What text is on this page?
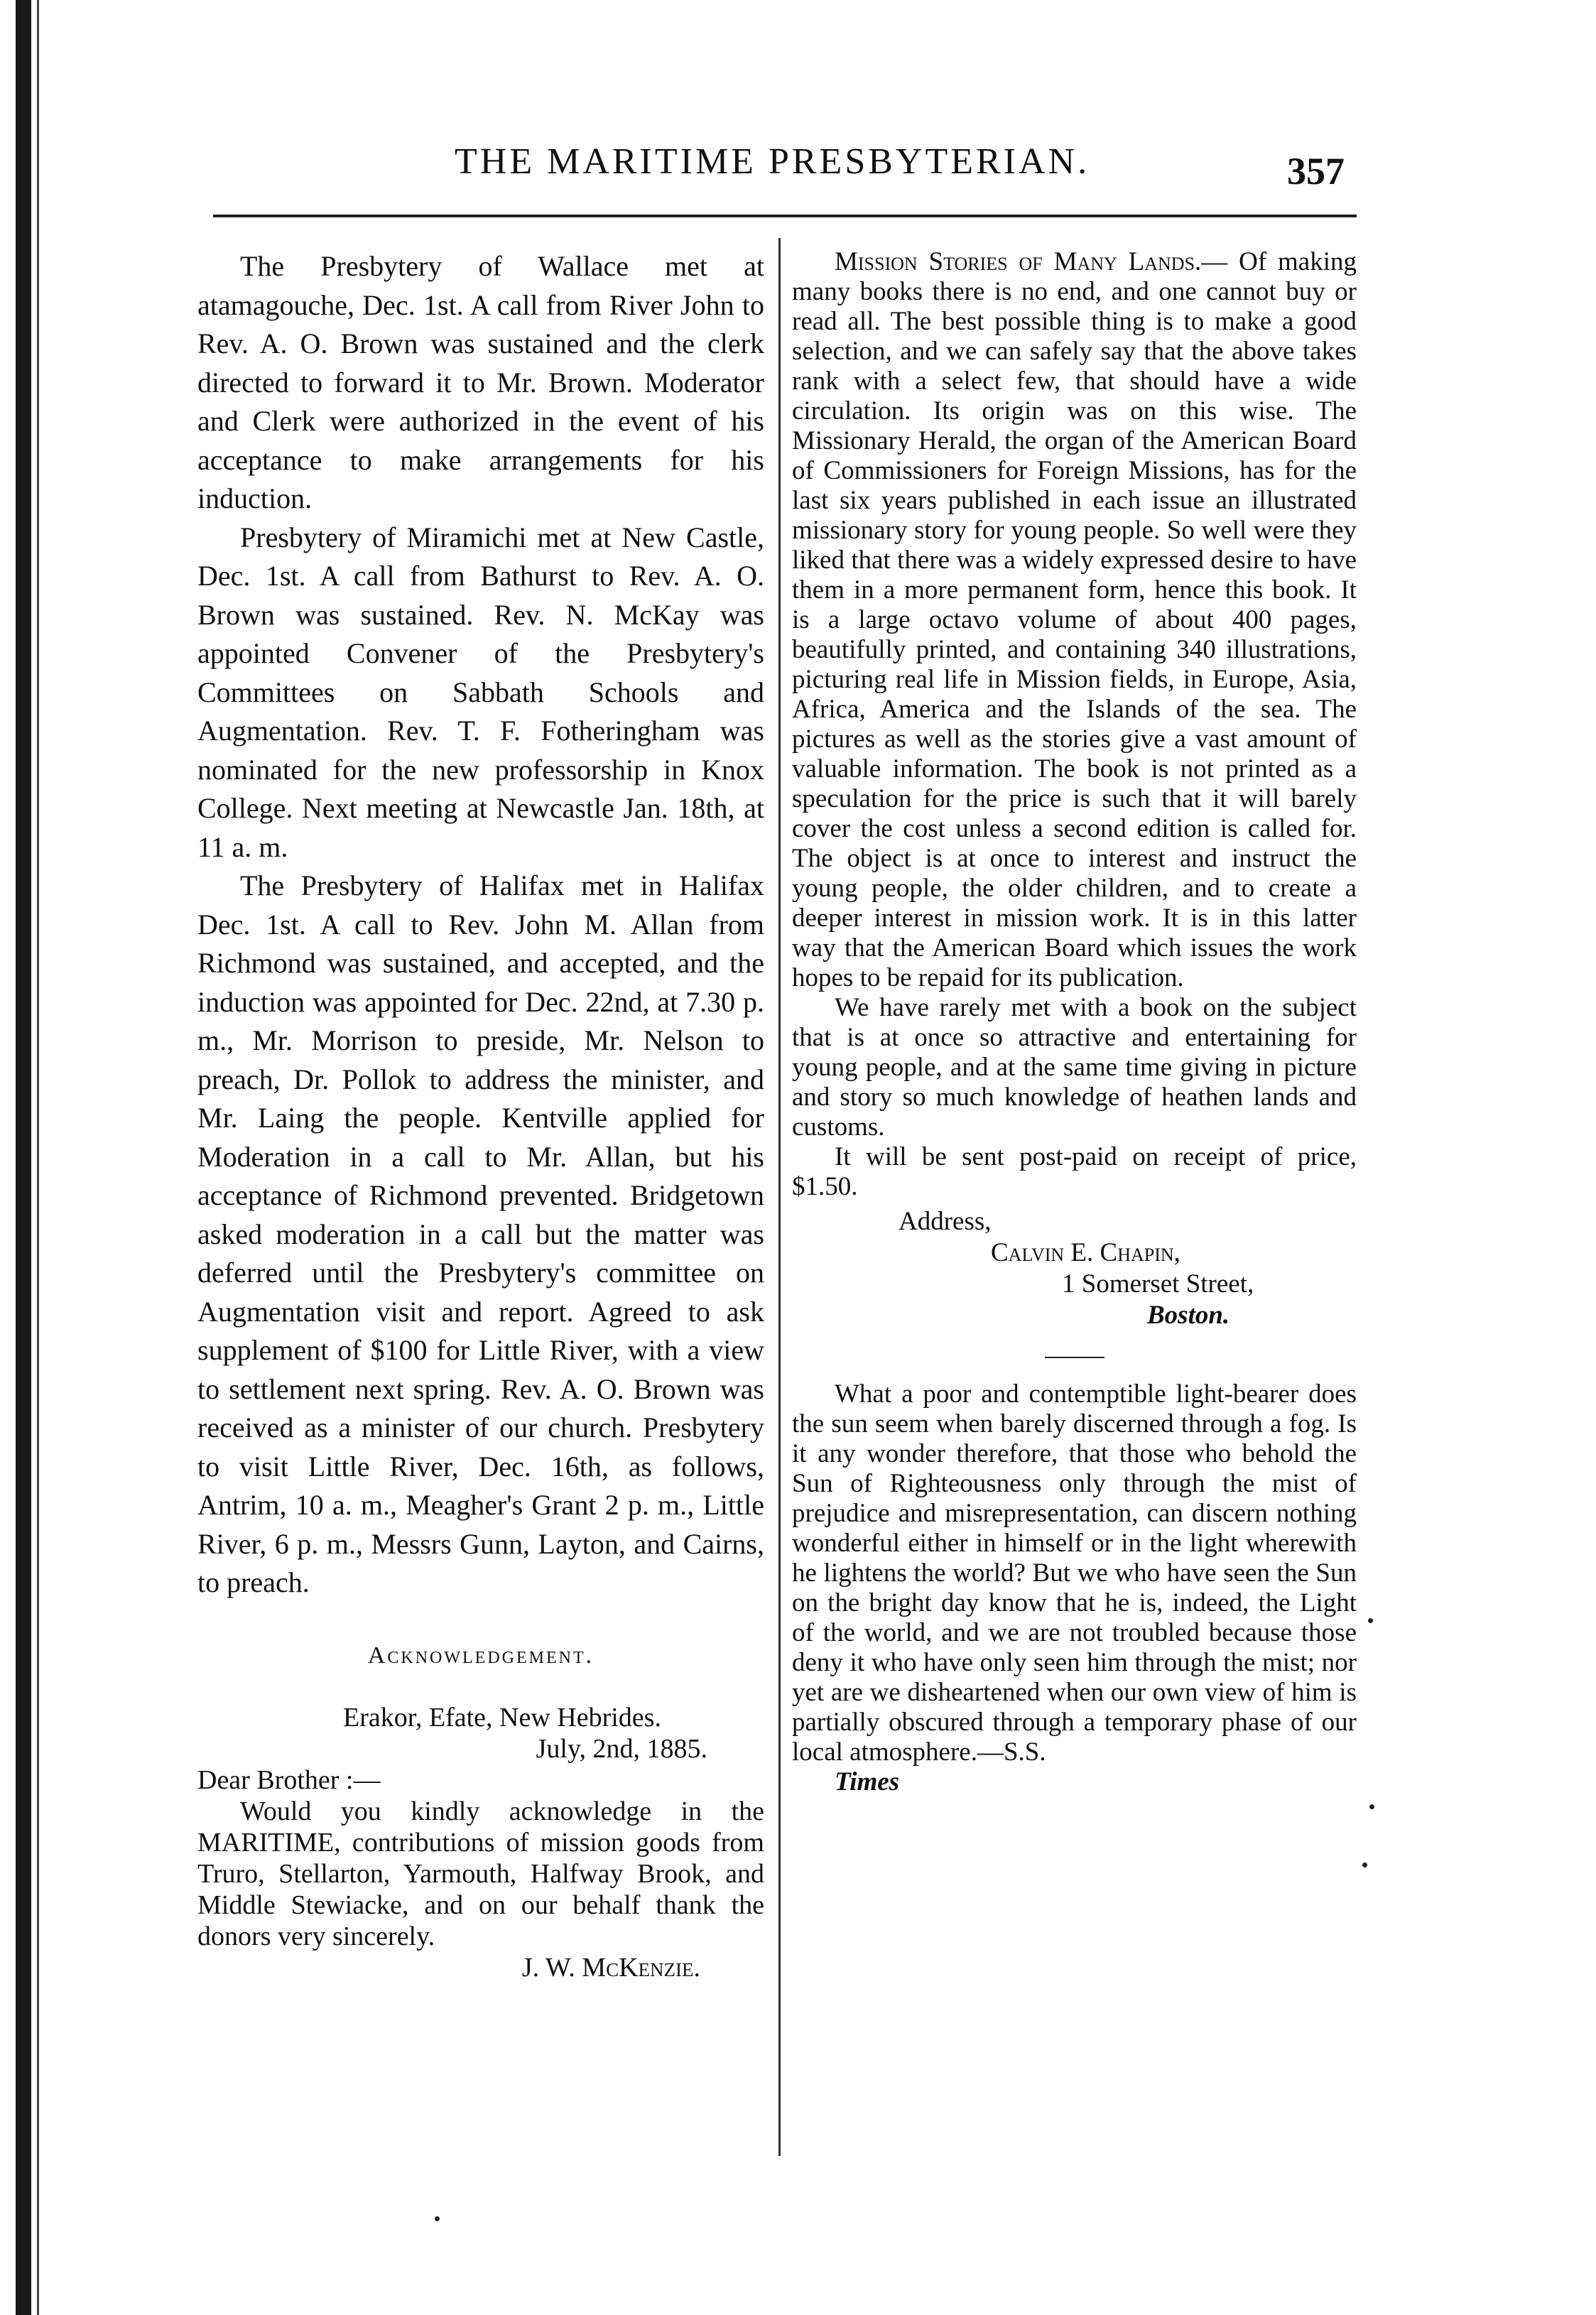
THE MARITIME PRESBYTERIAN.	357

The Presbytery of Wallace met at atamagouche, Dec. 1st. A call from River John to Rev. A. O. Brown was sustained and the clerk directed to forward it to Mr. Brown. Moderator and Clerk were authorized in the event of his acceptance to make arrangements for his induction.

Presbytery of Miramichi met at New Castle, Dec. 1st. A call from Bathurst to Rev. A. O. Brown was sustained. Rev. N. McKay was appointed Convener of the Presbytery's Committees on Sabbath Schools and Augmentation. Rev. T. F. Fotheringham was nominated for the new professorship in Knox College. Next meeting at Newcastle Jan. 18th, at 11 a. m.

The Presbytery of Halifax met in Halifax Dec. 1st. A call to Rev. John M. Allan from Richmond was sustained, and accepted, and the induction was appointed for Dec. 22nd, at 7.30 p. m., Mr. Morrison to preside, Mr. Nelson to preach, Dr. Pollok to address the minister, and Mr. Laing the people. Kentville applied for Moderation in a call to Mr. Allan, but his acceptance of Richmond prevented. Bridgetown asked moderation in a call but the matter was deferred until the Presbytery's committee on Augmentation visit and report. Agreed to ask supplement of $100 for Little River, with a view to settlement next spring. Rev. A. O. Brown was received as a minister of our church. Presbytery to visit Little River, Dec. 16th, as follows, Antrim, 10 a. m., Meagher's Grant 2 p. m., Little River, 6 p. m., Messrs Gunn, Layton, and Cairns, to preach.

Acknowledgement.

Erakor, Efate, New Hebrides.

July, 2nd, 1885.

Dear Brother :—

Would you kindly acknowledge in the MARITIME, contributions of mission goods from Truro, Stellarton, Yarmouth, Halfway Brook, and Middle Stewiacke, and on our behalf thank the donors very sincerely.

J. W. McKenzie.

Mission Stories of Many Lands.— Of making many books there is no end, and one cannot buy or read all. The best possible thing is to make a good selection, and we can safely say that the above takes rank with a select few, that should have a wide circulation. Its origin was on this wise. The Missionary Herald, the organ of the American Board of Commissioners for Foreign Missions, has for the last six years published in each issue an illustrated missionary story for young people. So well were they liked that there was a widely expressed desire to have them in a more permanent form, hence this book. It is a large octavo volume of about 400 pages, beautifully printed, and containing 340 illustrations, picturing real life in Mission fields, in Europe, Asia, Africa, America and the Islands of the sea. The pictures as well as the stories give a vast amount of valuable information. The book is not printed as a speculation for the price is such that it will barely cover the cost unless a second edition is called for. The object is at once to interest and instruct the young people, the older children, and to create a deeper interest in mission work. It is in this latter way that the American Board which issues the work hopes to be repaid for its publication.

We have rarely met with a book on the subject that is at once so attractive and entertaining for young people, and at the same time giving in picture and story so much knowledge of heathen lands and customs.

It will be sent post-paid on receipt of price, $1.50.

Address,
Calvin E. Chapin,
1 Somerset Street,
Boston.

What a poor and contemptible light-bearer does the sun seem when barely discerned through a fog. Is it any wonder therefore, that those who behold the Sun of Righteousness only through the mist of prejudice and misrepresentation, can discern nothing wonderful either in himself or in the light wherewith he lightens the world? But we who have seen the Sun on the bright day know that he is, indeed, the Light of the world, and we are not troubled because those deny it who have only seen him through the mist; nor yet are we disheartened when our own view of him is partially obscured through a temporary phase of our local atmosphere.—S.S.

Times
